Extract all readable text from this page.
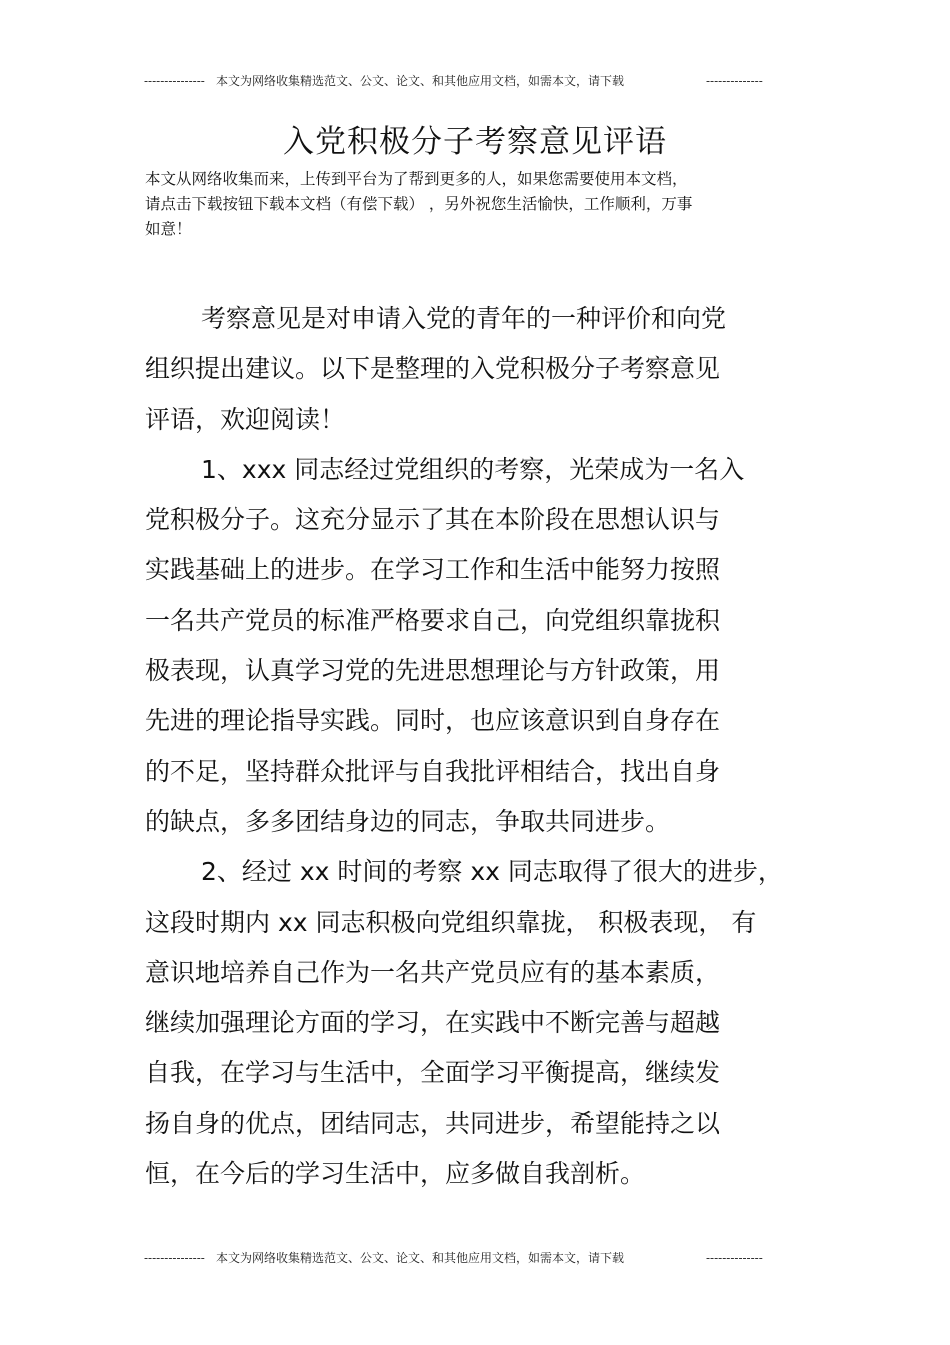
--------------- 本文为网络收集精选范文、公文、论文、和其他应用文档，如需本文，请下载	--------------
入党积极分子考察意见评语
本文从网络收集而来，上传到平台为了帮到更多的人，如果您需要使用本文档，
请点击下载按钮下载本文档（有偿下载） ，另外祝您生活愉快，工作顺利，万事
如意！
考察意见是对申请入党的青年的一种评价和向党
组织提出建议。以下是整理的入党积极分子考察意见
评语，欢迎阅读！
1、xxx 同志经过党组织的考察，光荣成为一名入
党积极分子。这充分显示了其在本阶段在思想认识与
实践基础上的进步。在学习工作和生活中能努力按照
一名共产党员的标准严格要求自己，向党组织靠拢积
极表现，认真学习党的先进思想理论与方针政策，用
先进的理论指导实践。同时，也应该意识到自身存在
的不足，坚持群众批评与自我批评相结合，找出自身
的缺点，多多团结身边的同志，争取共同进步。
2、经过 xx 时间的考察 xx 同志取得了很大的进步，
这段时期内 xx 同志积极向党组织靠拢， 积极表现， 有
意识地培养自己作为一名共产党员应有的基本素质，
继续加强理论方面的学习，在实践中不断完善与超越
自我，在学习与生活中，全面学习平衡提高，继续发
扬自身的优点，团结同志，共同进步，希望能持之以
恒，在今后的学习生活中，应多做自我剖析。
--------------- 本文为网络收集精选范文、公文、论文、和其他应用文档，如需本文，请下载	--------------
